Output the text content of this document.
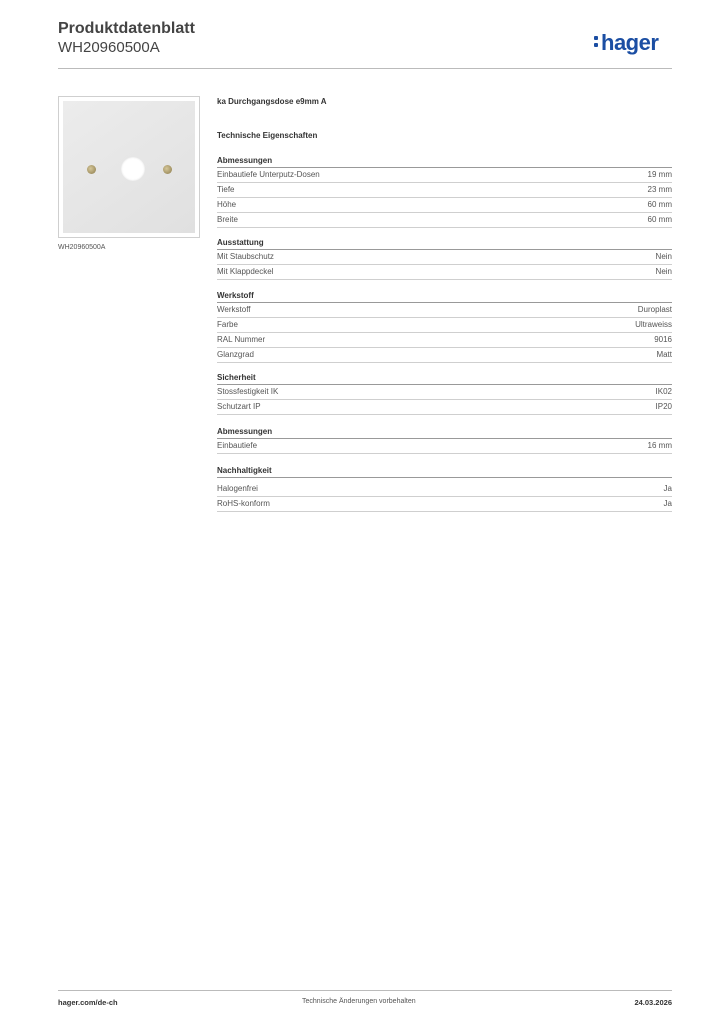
Produktdatenblatt
WH20960500A	hager
WH20960500A
ka Durchgangsdose e9mm A
Technische Eigenschaften
Abmessungen
Einbautiefe Unterputz-Dosen	19 mm
Tiefe	23 mm
Höhe	60 mm
Breite	60 mm
Ausstattung
Mit Staubschutz	Nein
Mit Klappdeckel	Nein
Werkstoff
Werkstoff	Duroplast
Farbe	Ultraweiss
RAL Nummer	9016
Glanzgrad	Matt
Sicherheit
Stossfestigkeit IK	IK02
Schutzart IP	IP20
Abmessungen
Einbautiefe	16 mm
Nachhaltigkeit
Halogenfrei	Ja
RoHS-konform	Ja
hager.com/de-ch	Technische Änderungen vorbehalten	24.03.2026
